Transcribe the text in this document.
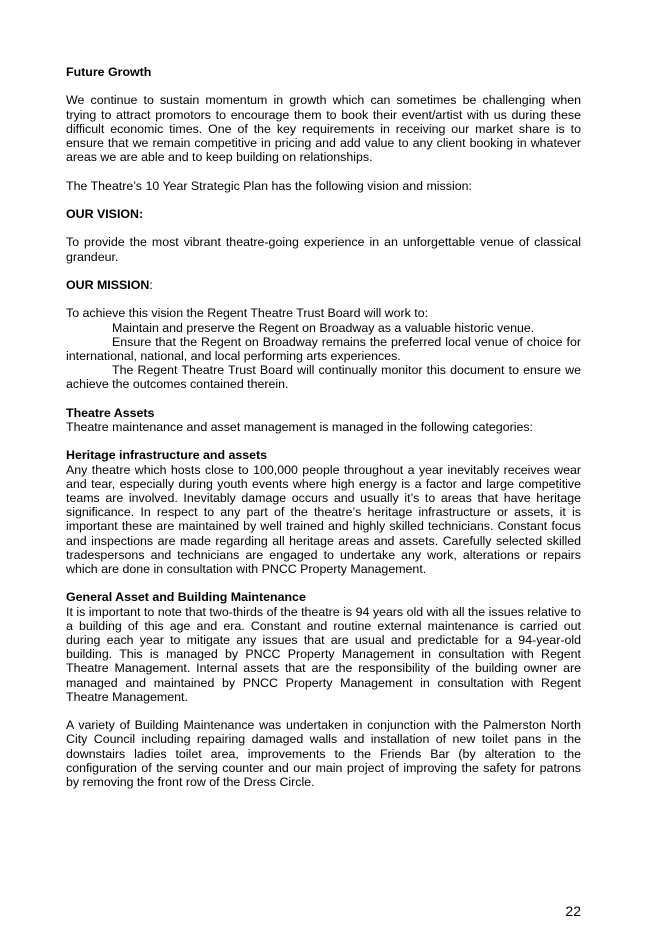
Future Growth

We continue to sustain momentum in growth which can sometimes be challenging when trying to attract promotors to encourage them to book their event/artist with us during these difficult economic times. One of the key requirements in receiving our market share is to ensure that we remain competitive in pricing and add value to any client booking in whatever areas we are able and to keep building on relationships.

The Theatre’s 10 Year Strategic Plan has the following vision and mission:

OUR VISION:

To provide the most vibrant theatre-going experience in an unforgettable venue of classical grandeur.

OUR MISSION:

To achieve this vision the Regent Theatre Trust Board will work to:

Maintain and preserve the Regent on Broadway as a valuable historic venue.

Ensure that the Regent on Broadway remains the preferred local venue of choice for international, national, and local performing arts experiences.

The Regent Theatre Trust Board will continually monitor this document to ensure we achieve the outcomes contained therein.

Theatre Assets

Theatre maintenance and asset management is managed in the following categories:

Heritage infrastructure and assets

Any theatre which hosts close to 100,000 people throughout a year inevitably receives wear and tear, especially during youth events where high energy is a factor and large competitive teams are involved. Inevitably damage occurs and usually it’s to areas that have heritage significance. In respect to any part of the theatre’s heritage infrastructure or assets, it is important these are maintained by well trained and highly skilled technicians. Constant focus and inspections are made regarding all heritage areas and assets. Carefully selected skilled tradespersons and technicians are engaged to undertake any work, alterations or repairs which are done in consultation with PNCC Property Management.

General Asset and Building Maintenance

It is important to note that two-thirds of the theatre is 94 years old with all the issues relative to a building of this age and era. Constant and routine external maintenance is carried out during each year to mitigate any issues that are usual and predictable for a 94-year-old building. This is managed by PNCC Property Management in consultation with Regent Theatre Management. Internal assets that are the responsibility of the building owner are managed and maintained by PNCC Property Management in consultation with Regent Theatre Management.

A variety of Building Maintenance was undertaken in conjunction with the Palmerston North City Council including repairing damaged walls and installation of new toilet pans in the downstairs ladies toilet area, improvements to the Friends Bar (by alteration to the configuration of the serving counter and our main project of improving the safety for patrons by removing the front row of the Dress Circle.

22
